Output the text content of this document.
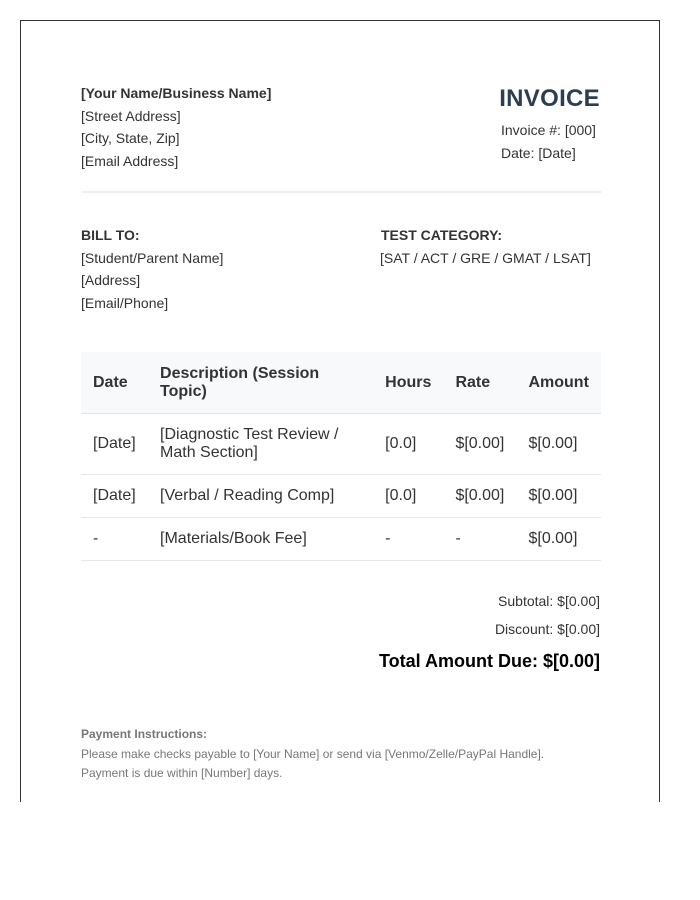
[Your Name/Business Name]
[Street Address]
[City, State, Zip]
[Email Address]
INVOICE
Invoice #: [000]
Date: [Date]
BILL TO:
[Student/Parent Name]
[Address]
[Email/Phone]
TEST CATEGORY:
[SAT / ACT / GRE / GMAT / LSAT]
Date	Description (Session Topic)	Hours	Rate	Amount
[Date]	[Diagnostic Test Review / Math Section]	[0.0]	$[0.00]	$[0.00]
[Date]	[Verbal / Reading Comp]	[0.0]	$[0.00]	$[0.00]
-	[Materials/Book Fee]	-	-	$[0.00]
Subtotal: $[0.00]
Discount: $[0.00]
Total Amount Due: $[0.00]
Payment Instructions:
Please make checks payable to [Your Name] or send via [Venmo/Zelle/PayPal Handle].
Payment is due within [Number] days.
